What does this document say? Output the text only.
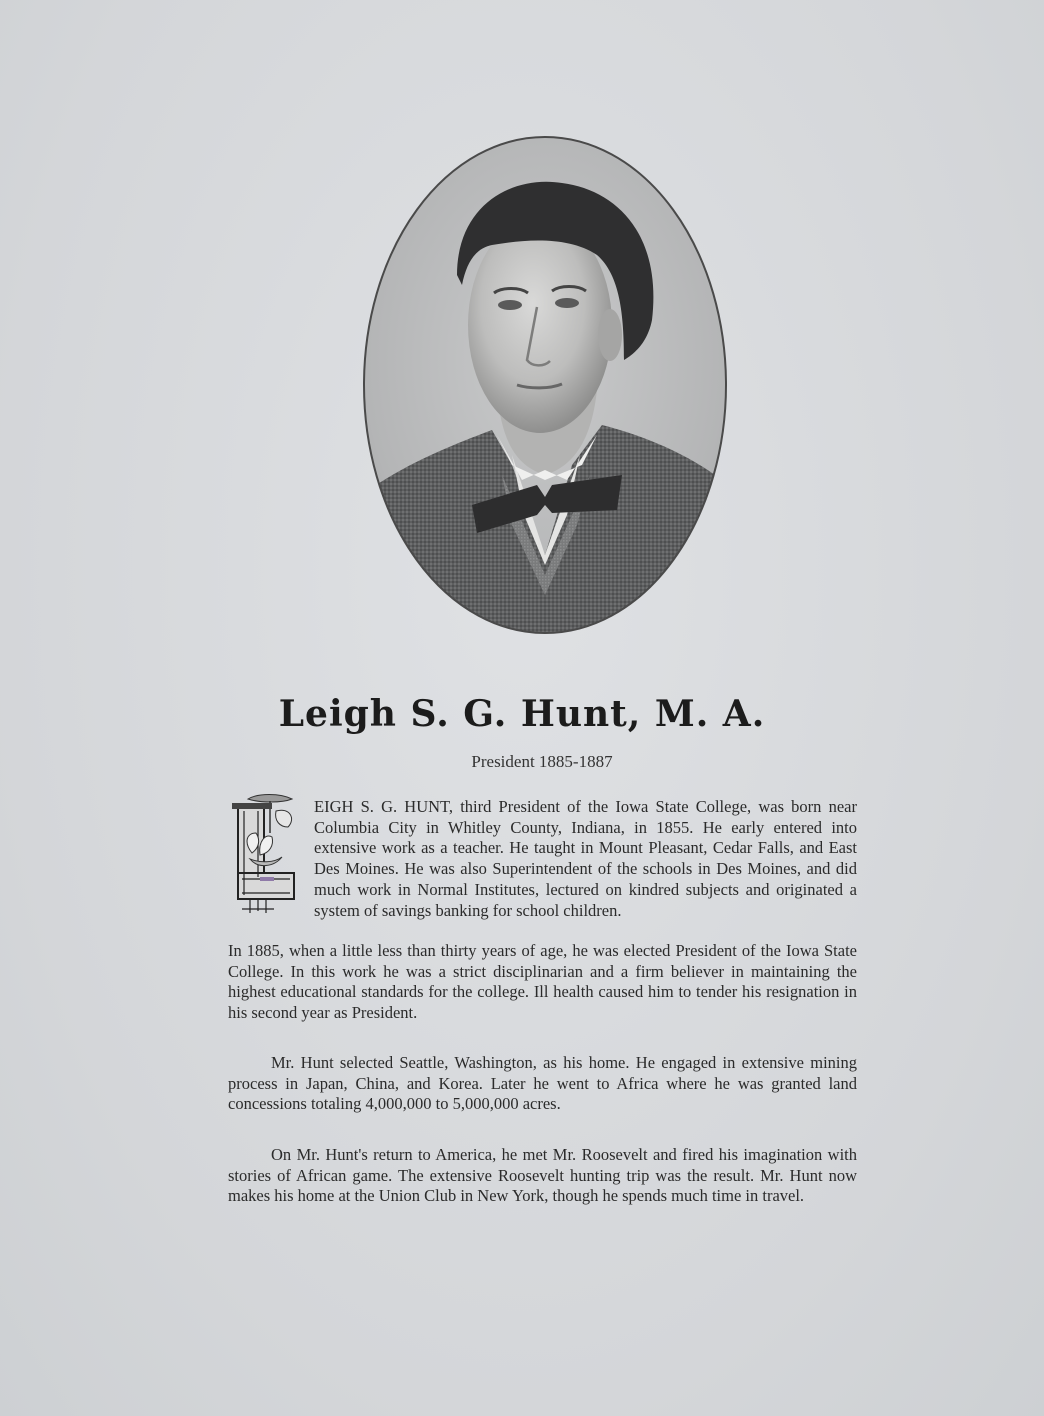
Leigh S. G. Hunt, M. A.
President 1885-1887
EIGH S. G. HUNT, third President of the Iowa State College, was born near Columbia City in Whitley County, Indiana, in 1855. He early entered into extensive work as a teacher. He taught in Mount Pleasant, Cedar Falls, and East Des Moines. He was also Superintendent of the schools in Des Moines, and did much work in Normal Institutes, lectured on kindred subjects and originated a system of savings banking for school children.
In 1885, when a little less than thirty years of age, he was elected President of the Iowa State College. In this work he was a strict disciplinarian and a firm believer in maintaining the highest educational standards for the college. Ill health caused him to tender his resignation in his second year as President.
Mr. Hunt selected Seattle, Washington, as his home. He engaged in extensive mining process in Japan, China, and Korea. Later he went to Africa where he was granted land concessions totaling 4,000,000 to 5,000,000 acres.
On Mr. Hunt's return to America, he met Mr. Roosevelt and fired his imagination with stories of African game. The extensive Roosevelt hunting trip was the result. Mr. Hunt now makes his home at the Union Club in New York, though he spends much time in travel.
